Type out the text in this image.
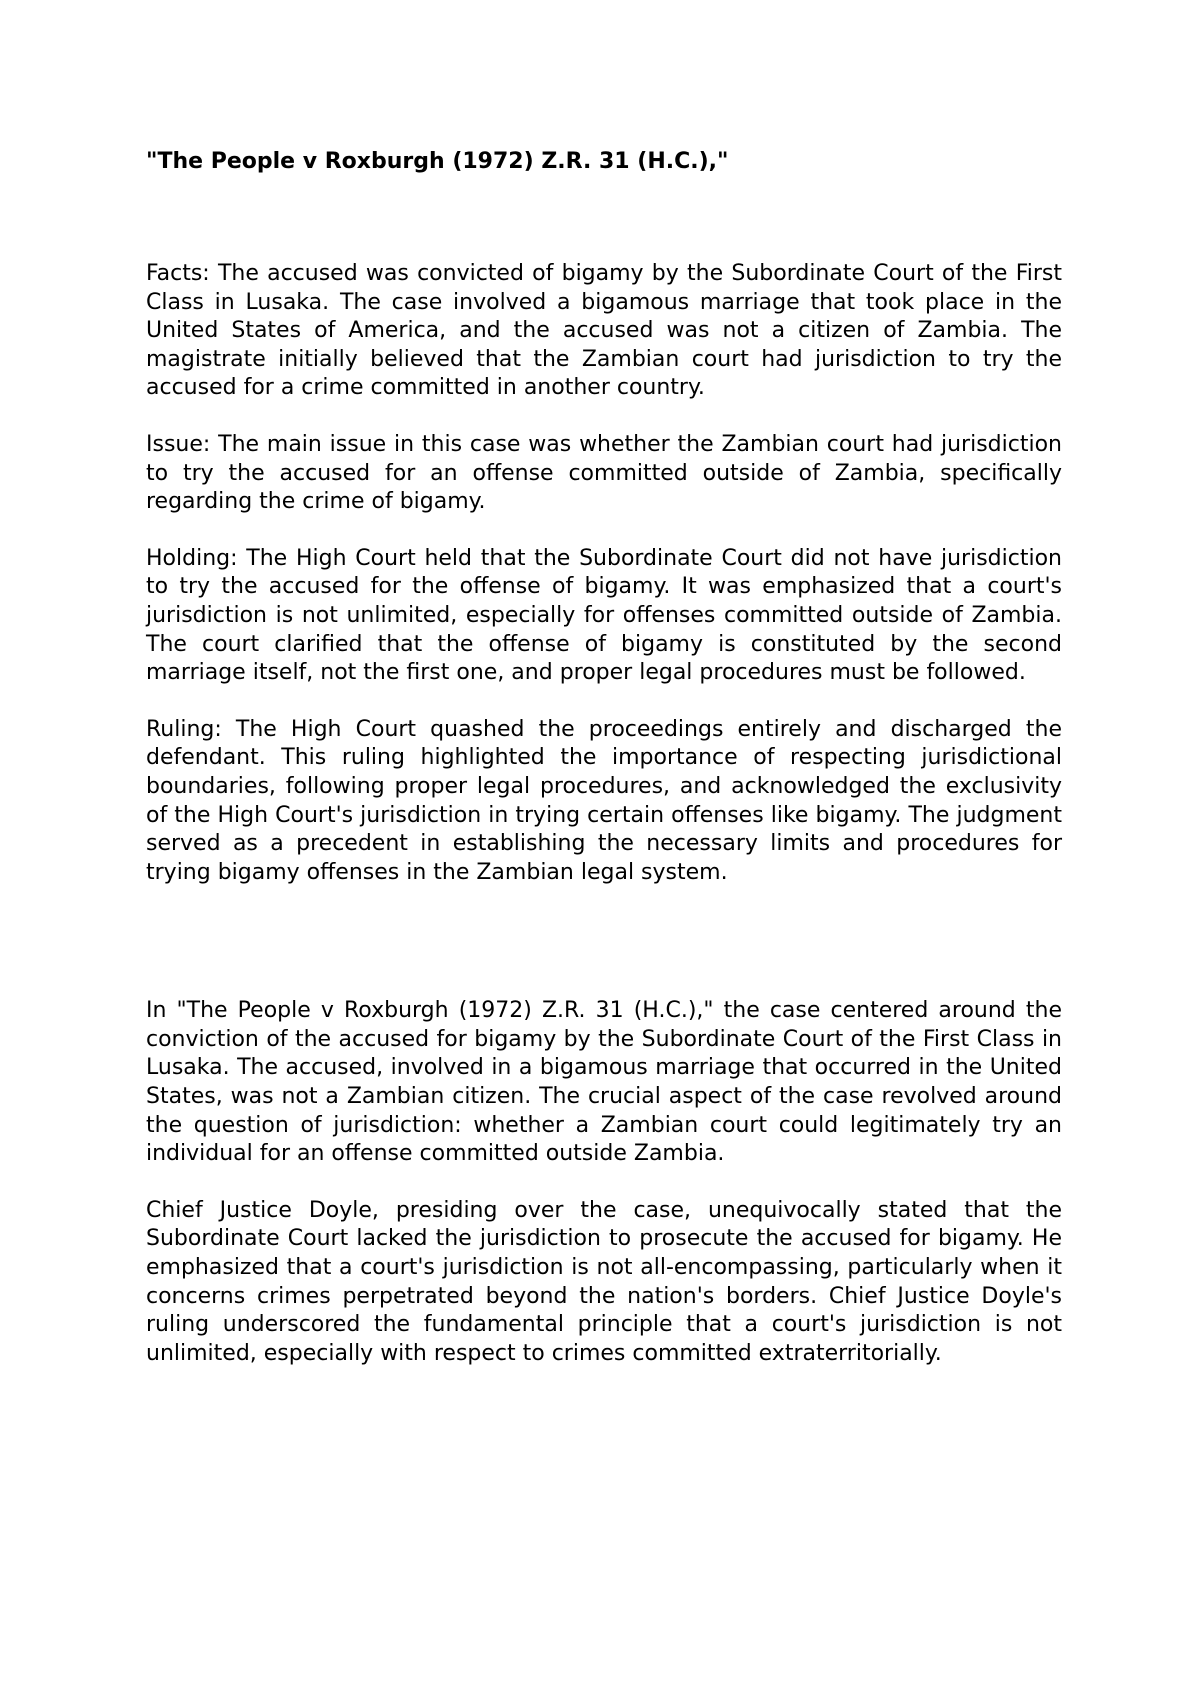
"The People v Roxburgh (1972) Z.R. 31 (H.C.),"

Facts: The accused was convicted of bigamy by the Subordinate Court of the First Class in Lusaka. The case involved a bigamous marriage that took place in the United States of America, and the accused was not a citizen of Zambia. The magistrate initially believed that the Zambian court had jurisdiction to try the accused for a crime committed in another country.

Issue: The main issue in this case was whether the Zambian court had jurisdiction to try the accused for an offense committed outside of Zambia, specifically regarding the crime of bigamy.

Holding: The High Court held that the Subordinate Court did not have jurisdiction to try the accused for the offense of bigamy. It was emphasized that a court's jurisdiction is not unlimited, especially for offenses committed outside of Zambia. The court clarified that the offense of bigamy is constituted by the second marriage itself, not the first one, and proper legal procedures must be followed.

Ruling: The High Court quashed the proceedings entirely and discharged the defendant. This ruling highlighted the importance of respecting jurisdictional boundaries, following proper legal procedures, and acknowledged the exclusivity of the High Court's jurisdiction in trying certain offenses like bigamy. The judgment served as a precedent in establishing the necessary limits and procedures for trying bigamy offenses in the Zambian legal system.

In "The People v Roxburgh (1972) Z.R. 31 (H.C.)," the case centered around the conviction of the accused for bigamy by the Subordinate Court of the First Class in Lusaka. The accused, involved in a bigamous marriage that occurred in the United States, was not a Zambian citizen. The crucial aspect of the case revolved around the question of jurisdiction: whether a Zambian court could legitimately try an individual for an offense committed outside Zambia.

Chief Justice Doyle, presiding over the case, unequivocally stated that the Subordinate Court lacked the jurisdiction to prosecute the accused for bigamy. He emphasized that a court's jurisdiction is not all-encompassing, particularly when it concerns crimes perpetrated beyond the nation's borders. Chief Justice Doyle's ruling underscored the fundamental principle that a court's jurisdiction is not unlimited, especially with respect to crimes committed extraterritorially.
